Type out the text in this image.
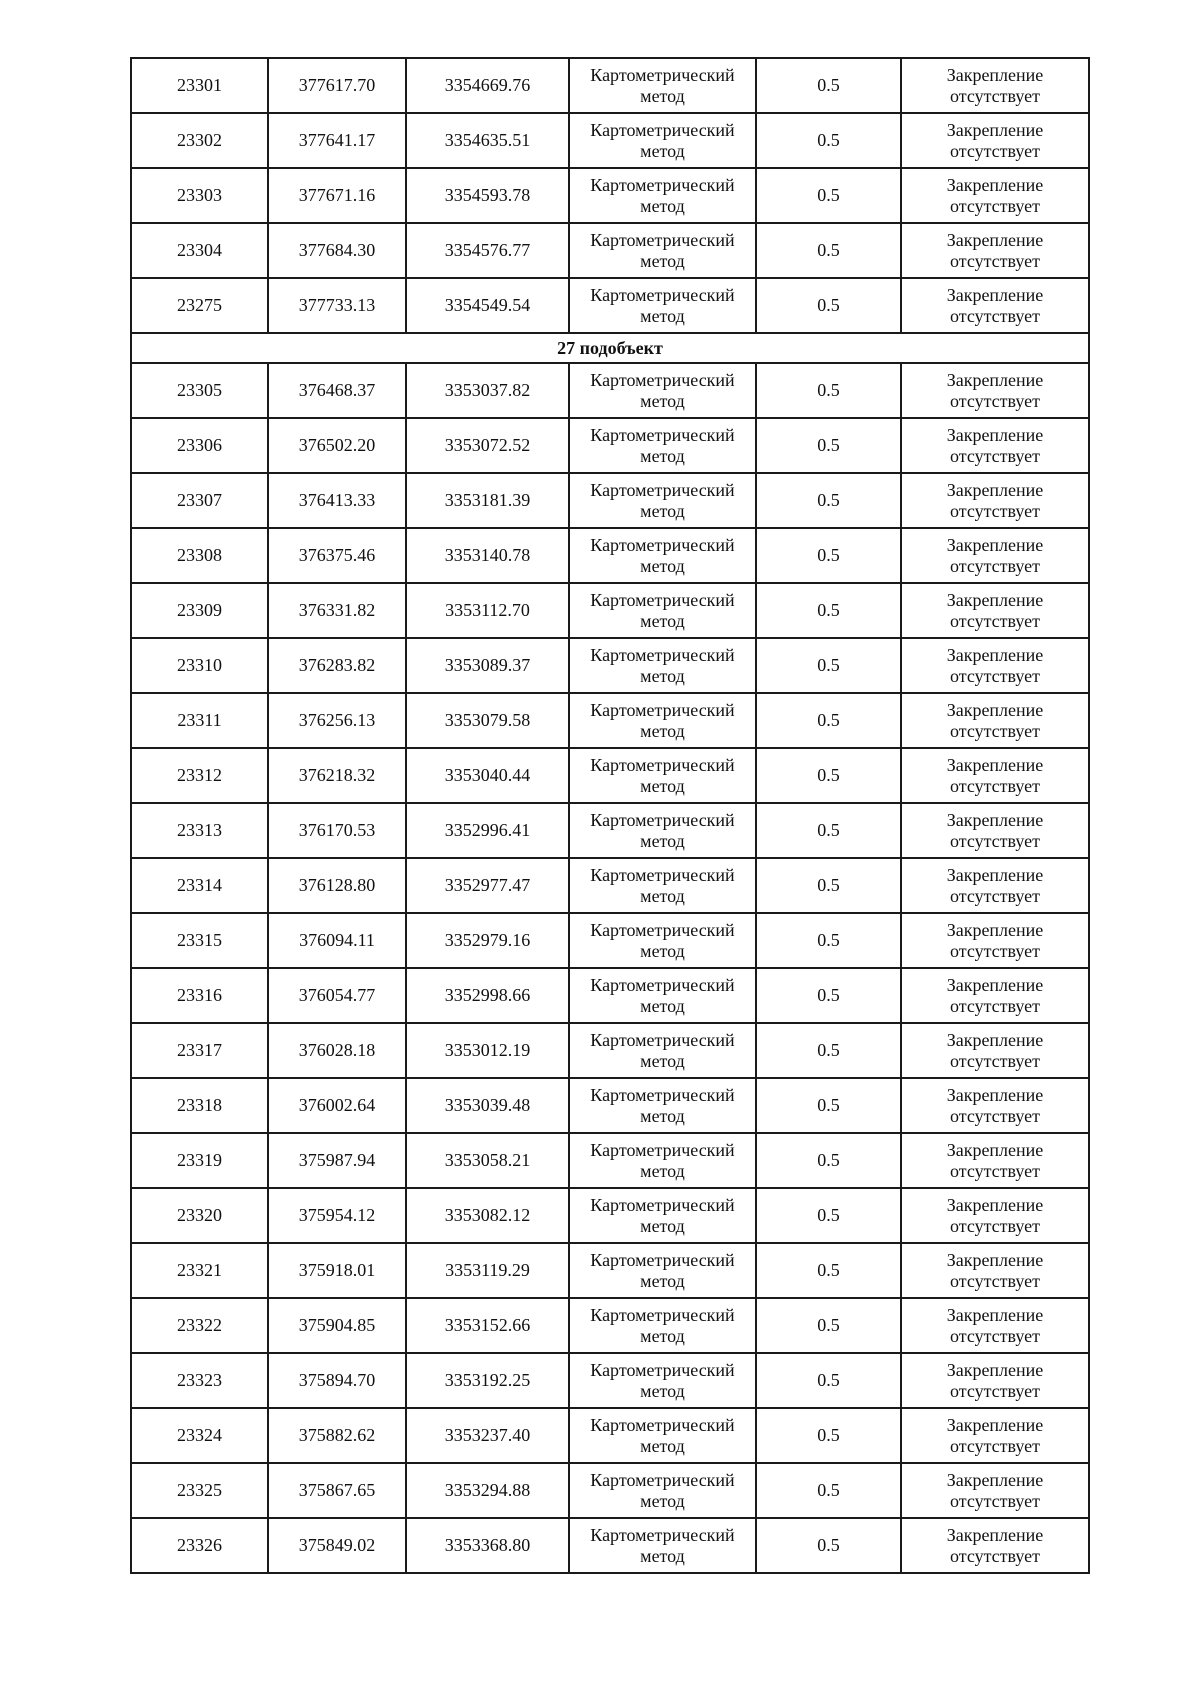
23301	377617.70	3354669.76	Картометрический метод	0.5	Закрепление отсутствует
23302	377641.17	3354635.51	Картометрический метод	0.5	Закрепление отсутствует
23303	377671.16	3354593.78	Картометрический метод	0.5	Закрепление отсутствует
23304	377684.30	3354576.77	Картометрический метод	0.5	Закрепление отсутствует
23275	377733.13	3354549.54	Картометрический метод	0.5	Закрепление отсутствует
27 подобъект					
23305	376468.37	3353037.82	Картометрический метод	0.5	Закрепление отсутствует
23306	376502.20	3353072.52	Картометрический метод	0.5	Закрепление отсутствует
23307	376413.33	3353181.39	Картометрический метод	0.5	Закрепление отсутствует
23308	376375.46	3353140.78	Картометрический метод	0.5	Закрепление отсутствует
23309	376331.82	3353112.70	Картометрический метод	0.5	Закрепление отсутствует
23310	376283.82	3353089.37	Картометрический метод	0.5	Закрепление отсутствует
23311	376256.13	3353079.58	Картометрический метод	0.5	Закрепление отсутствует
23312	376218.32	3353040.44	Картометрический метод	0.5	Закрепление отсутствует
23313	376170.53	3352996.41	Картометрический метод	0.5	Закрепление отсутствует
23314	376128.80	3352977.47	Картометрический метод	0.5	Закрепление отсутствует
23315	376094.11	3352979.16	Картометрический метод	0.5	Закрепление отсутствует
23316	376054.77	3352998.66	Картометрический метод	0.5	Закрепление отсутствует
23317	376028.18	3353012.19	Картометрический метод	0.5	Закрепление отсутствует
23318	376002.64	3353039.48	Картометрический метод	0.5	Закрепление отсутствует
23319	375987.94	3353058.21	Картометрический метод	0.5	Закрепление отсутствует
23320	375954.12	3353082.12	Картометрический метод	0.5	Закрепление отсутствует
23321	375918.01	3353119.29	Картометрический метод	0.5	Закрепление отсутствует
23322	375904.85	3353152.66	Картометрический метод	0.5	Закрепление отсутствует
23323	375894.70	3353192.25	Картометрический метод	0.5	Закрепление отсутствует
23324	375882.62	3353237.40	Картометрический метод	0.5	Закрепление отсутствует
23325	375867.65	3353294.88	Картометрический метод	0.5	Закрепление отсутствует
23326	375849.02	3353368.80	Картометрический метод	0.5	Закрепление отсутствует
